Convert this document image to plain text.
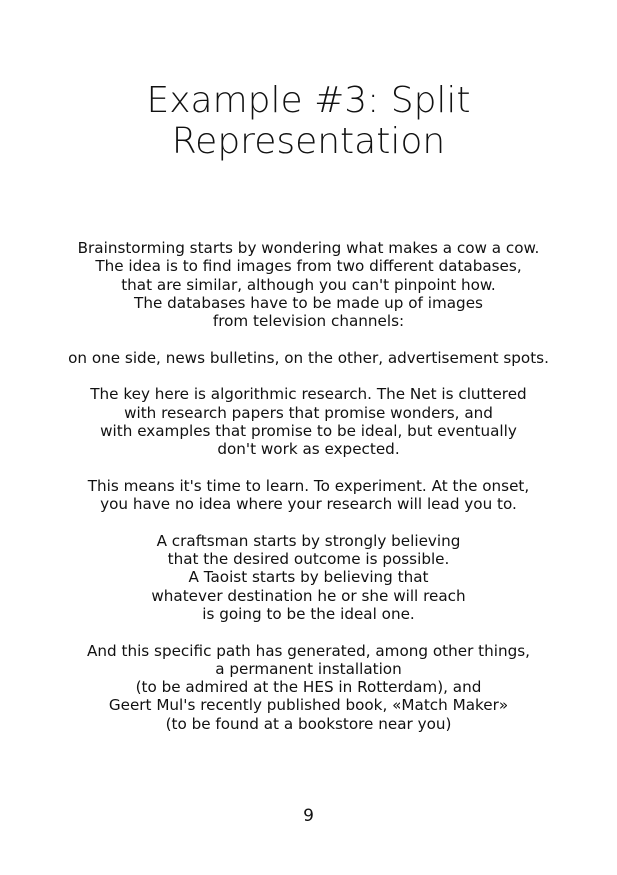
Example #3: Split
Representation

Brainstorming starts by wondering what makes a cow a cow.
The idea is to find images from two different databases,
that are similar, although you can't pinpoint how.
The databases have to be made up of images
from television channels:

on one side, news bulletins, on the other, advertisement spots.

The key here is algorithmic research. The Net is cluttered
with research papers that promise wonders, and
with examples that promise to be ideal, but eventually
don't work as expected.

This means it's time to learn. To experiment. At the onset,
you have no idea where your research will lead you to.

A craftsman starts by strongly believing
that the desired outcome is possible.
A Taoist starts by believing that
whatever destination he or she will reach
is going to be the ideal one.

And this specific path has generated, among other things,
a permanent installation
(to be admired at the HES in Rotterdam), and
Geert Mul's recently published book, «Match Maker»
(to be found at a bookstore near you)

9
